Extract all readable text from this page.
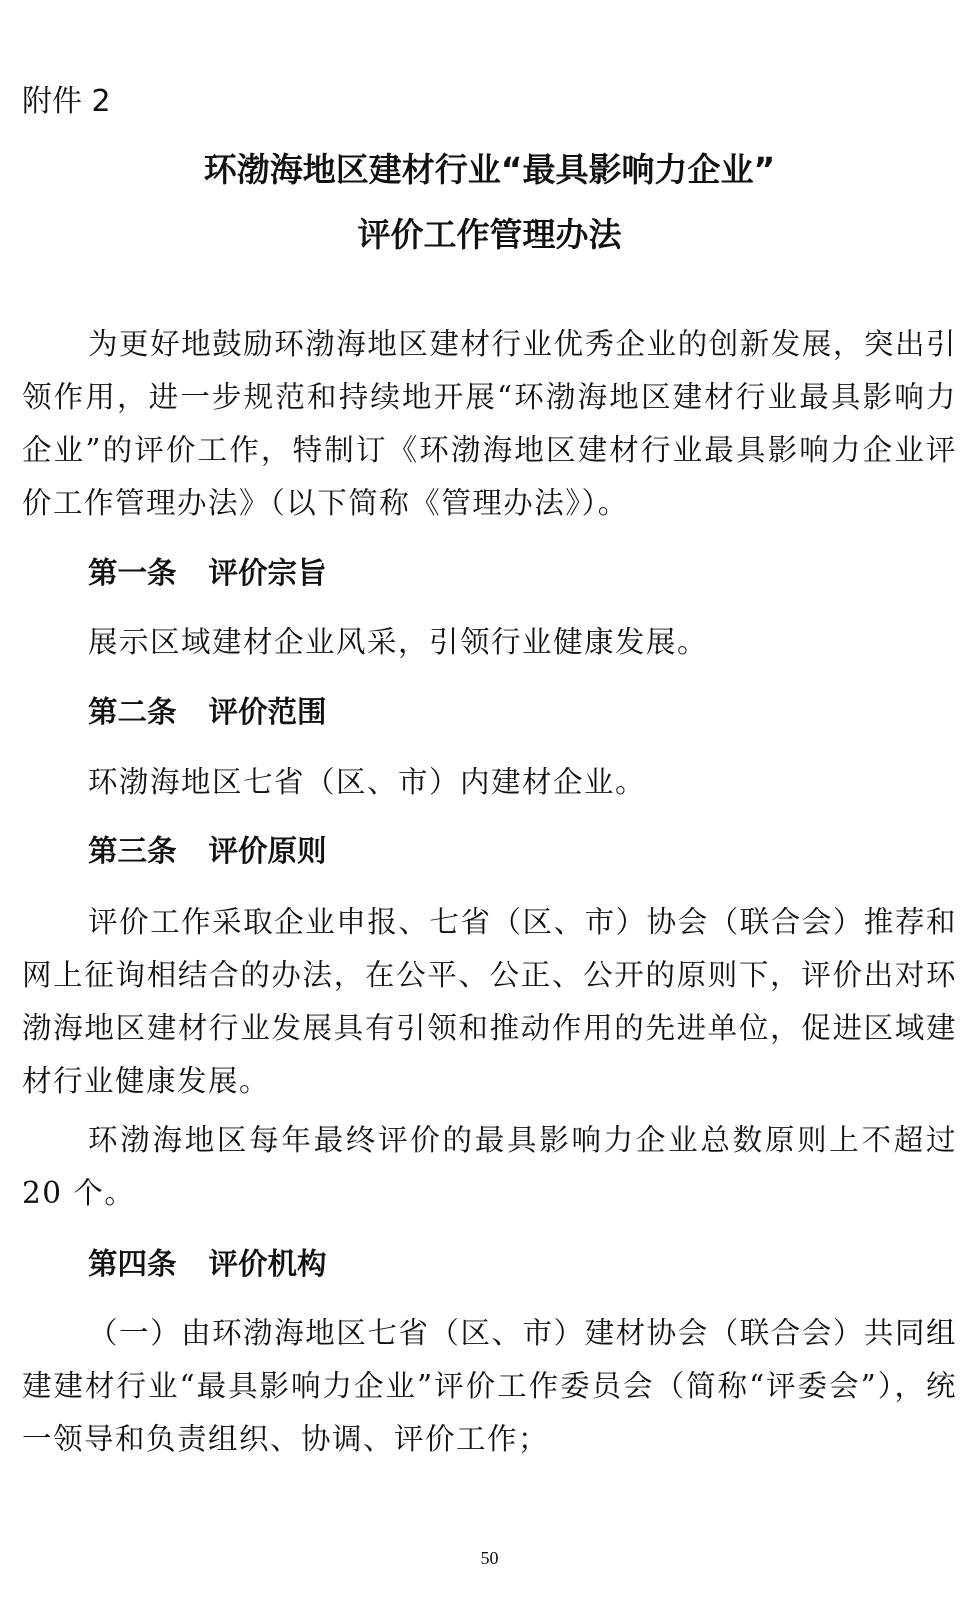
附件 2
环渤海地区建材行业“最具影响力企业”
评价工作管理办法

为更好地鼓励环渤海地区建材行业优秀企业的创新发展，突出引领作用，进一步规范和持续地开展“环渤海地区建材行业最具影响力企业”的评价工作，特制订《环渤海地区建材行业最具影响力企业评价工作管理办法》（以下简称《管理办法》）。

第一条 评价宗旨

展示区域建材企业风采，引领行业健康发展。

第二条 评价范围

环渤海地区七省（区、市）内建材企业。

第三条 评价原则

评价工作采取企业申报、七省（区、市）协会（联合会）推荐和网上征询相结合的办法，在公平、公正、公开的原则下，评价出对环渤海地区建材行业发展具有引领和推动作用的先进单位，促进区域建材行业健康发展。

环渤海地区每年最终评价的最具影响力企业总数原则上不超过 20 个。

第四条 评价机构

（一）由环渤海地区七省（区、市）建材协会（联合会）共同组建建材行业“最具影响力企业”评价工作委员会（简称“评委会”），统一领导和负责组织、协调、评价工作；

50
